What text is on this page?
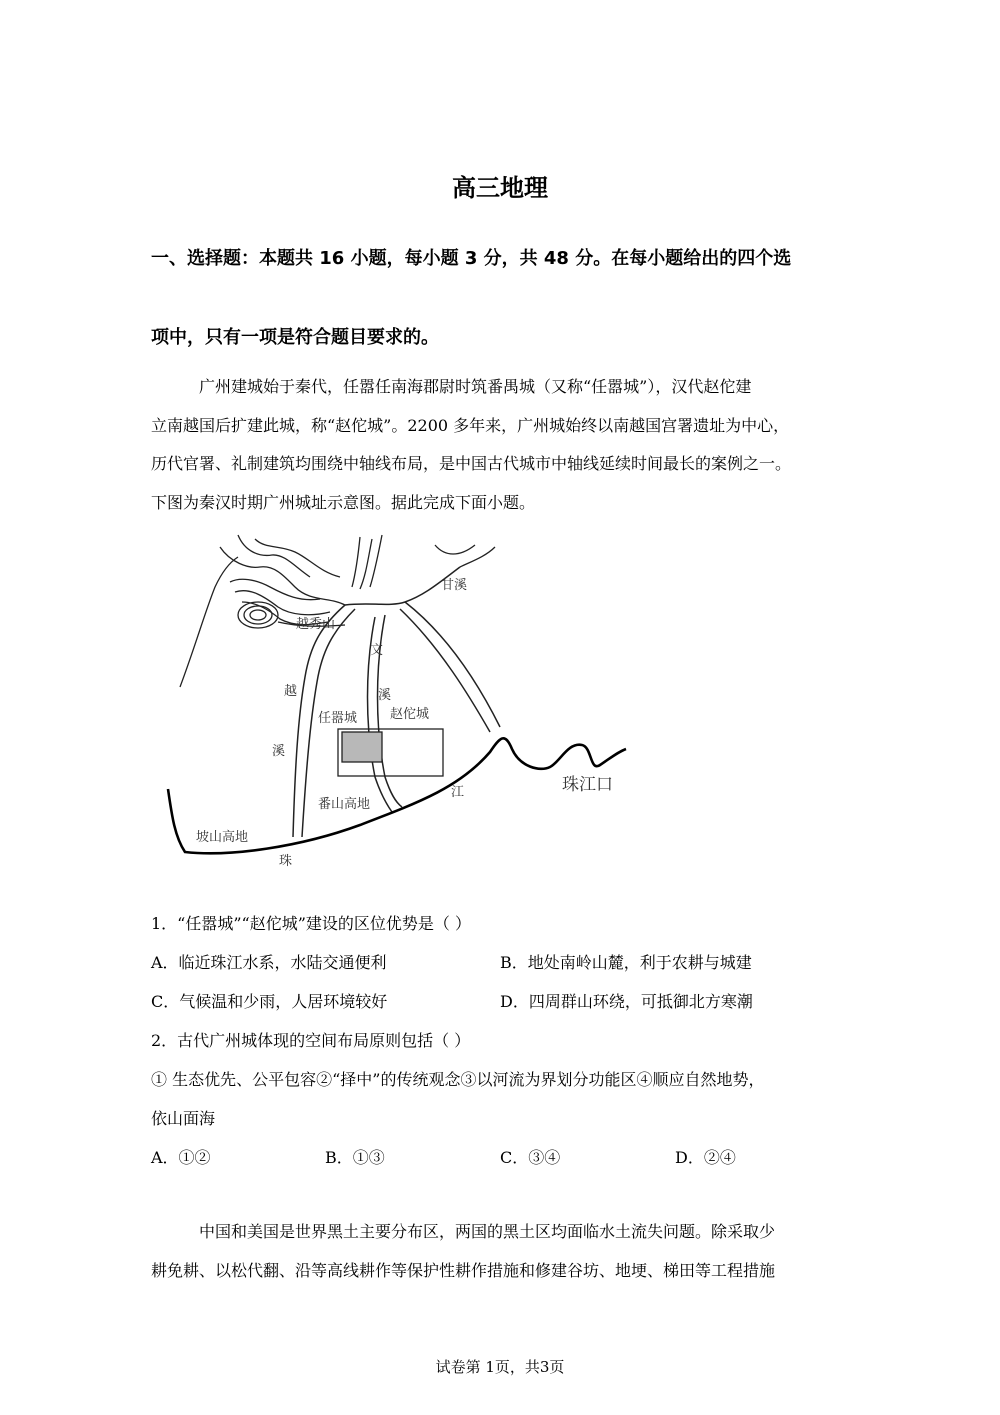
高三地理
一、选择题：本题共 16 小题，每小题 3 分，共 48 分。在每小题给出的四个选
项中，只有一项是符合题目要求的。
广州建城始于秦代，任嚣任南海郡尉时筑番禺城（又称“任嚣城”），汉代赵佗建
立南越国后扩建此城，称“赵佗城”。2200 多年来，广州城始终以南越国宫署遗址为中心，
历代官署、礼制建筑均围绕中轴线布局，是中国古代城市中轴线延续时间最长的案例之一。
下图为秦汉时期广州城址示意图。据此完成下面小题。
甘溪
越秀山
文
溪
越
任嚣城	赵佗城
溪
番山高地
江	珠江口
坡山高地
珠
1．“任嚣城”“赵佗城”建设的区位优势是（ ）
A．临近珠江水系，水陆交通便利	B．地处南岭山麓，利于农耕与城建
C．气候温和少雨，人居环境较好	D．四周群山环绕，可抵御北方寒潮
2．古代广州城体现的空间布局原则包括（ ）
① 生态优先、公平包容②“择中”的传统观念③以河流为界划分功能区④顺应自然地势，
依山面海
A．①②	B．①③	C．③④	D．②④
中国和美国是世界黑土主要分布区，两国的黑土区均面临水土流失问题。除采取少
耕免耕、以松代翻、沿等高线耕作等保护性耕作措施和修建谷坊、地埂、梯田等工程措施
试卷第 1页，共3页
